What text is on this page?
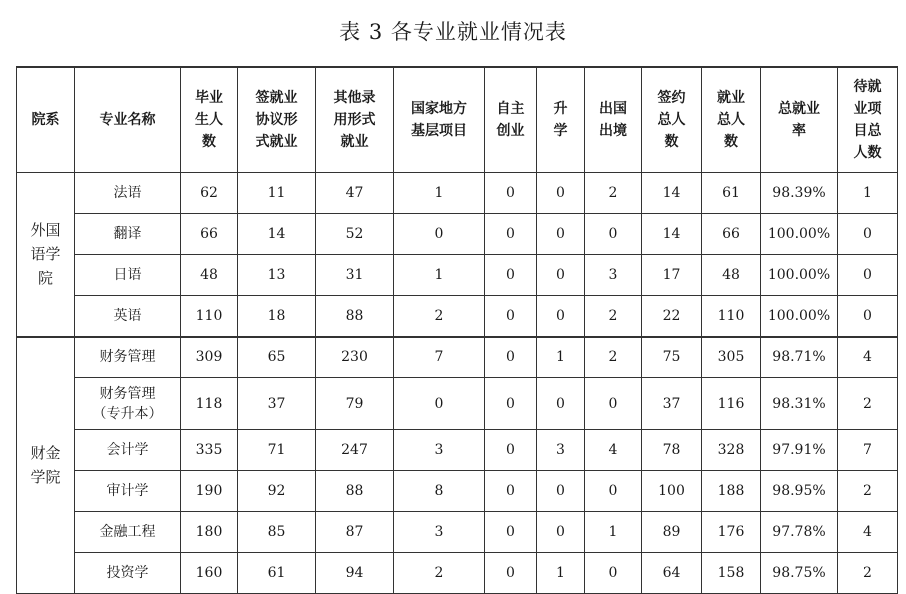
表 3 各专业就业情况表
院系	专业名称	毕业
生人
数	签就业
协议形
式就业	其他录
用形式
就业	国家地方
基层项目	自主
创业	升
学	出国
出境	签约
总人
数	就业
总人
数	总就业
率	待就
业项
目总
人数
外国
语学
院	法语	62	11	47	1	0	0	2	14	61	98.39%	1
	翻译	66	14	52	0	0	0	0	14	66	100.00%	0
	日语	48	13	31	1	0	0	3	17	48	100.00%	0
	英语	110	18	88	2	0	0	2	22	110	100.00%	0
财金
学院	财务管理	309	65	230	7	0	1	2	75	305	98.71%	4
	财务管理
（专升本）	118	37	79	0	0	0	0	37	116	98.31%	2
	会计学	335	71	247	3	0	3	4	78	328	97.91%	7
	审计学	190	92	88	8	0	0	0	100	188	98.95%	2
	金融工程	180	85	87	3	0	0	1	89	176	97.78%	4
	投资学	160	61	94	2	0	1	0	64	158	98.75%	2
